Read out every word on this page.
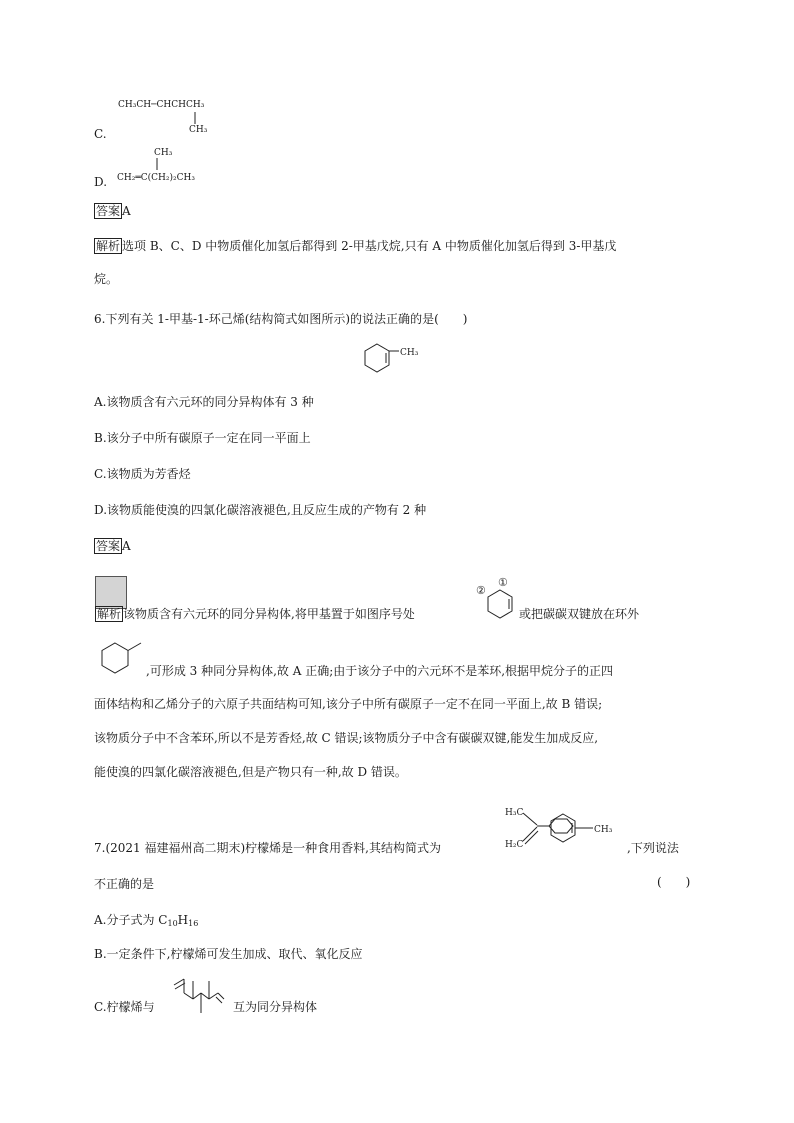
CH₃CH─CHCHCH₃
CH₃
C.
CH₃
CH₂═C(CH₂)₂CH₃
D.
答案 A
解析 选项 B、C、D 中物质催化加氢后都得到 2-甲基戊烷,只有 A 中物质催化加氢后得到 3-甲基戊
烷。
6.下列有关 1-甲基-1-环己烯(结构简式如图所示)的说法正确的是(　　)
CH₃
A.该物质含有六元环的同分异构体有 3 种
B.该分子中所有碳原子一定在同一平面上
C.该物质为芳香烃
D.该物质能使溴的四氯化碳溶液褪色,且反应生成的产物有 2 种
答案 A
解析 该物质含有六元环的同分异构体,将甲基置于如图序号处
②
①
或把碳碳双键放在环外
,可形成 3 种同分异构体,故 A 正确;由于该分子中的六元环不是苯环,根据甲烷分子的正四
面体结构和乙烯分子的六原子共面结构可知,该分子中所有碳原子一定不在同一平面上,故 B 错误;
该物质分子中不含苯环,所以不是芳香烃,故 C 错误;该物质分子中含有碳碳双键,能发生加成反应,
能使溴的四氯化碳溶液褪色,但是产物只有一种,故 D 错误。
7.(2021 福建福州高二期末)柠檬烯是一种食用香料,其结构简式为
H₃C
H₂C
CH₃
,下列说法
不正确的是	(　　)
A.分子式为 $C_{10}H_{16}$
B.一定条件下,柠檬烯可发生加成、取代、氧化反应
C.柠檬烯与	互为同分异构体
